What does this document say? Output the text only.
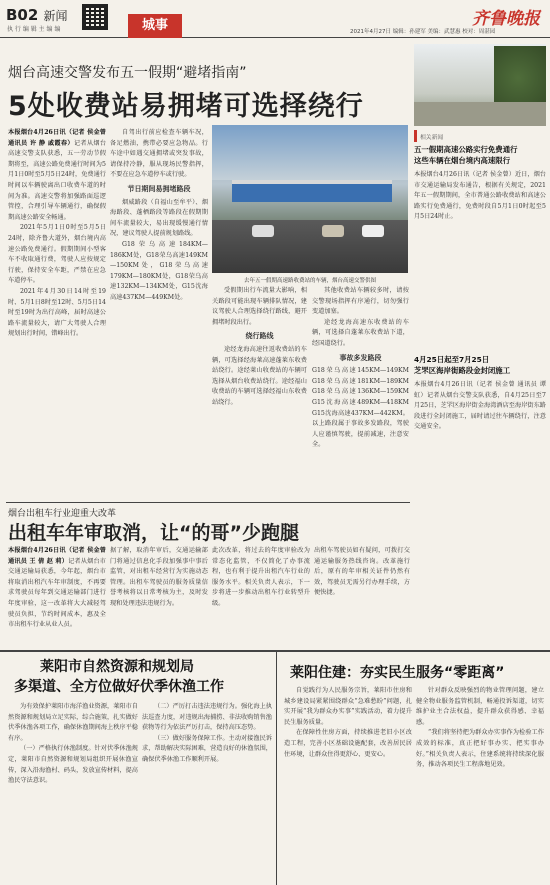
B02 新闻
执 行 编 辑 主 编 编	城事	齐鲁晚报
2021年4月27日 编辑：孙建军 美编：武慧惠 校对：周湛园
烟台高速交警发布五一假期“避堵指南”
5处收费站易拥堵可选择绕行

本报烟台4月26日讯（记者 侯金曾 通讯员 许 静 戚霞春）记者从烟台高速交警支队获悉，五一劳动节假期将至，高速公路免费通行时间为5月1日0时至5月5日24时，免费通行时间以车辆驶离出口收费车道的时间为准。高速交警将加强路面巡逻管控，合理引导车辆通行，确保假期高速公路安全畅通。

2021年5月1日0时至5月5日24时，除齐鲁大道外，烟台境内高速公路免费通行。假期期间小型客车不收取通行费，驾驶人应按规定行驶，保持安全车距，严禁在应急车道停车。

2021年4月30日14时至19时、5月1日8时至12时、5月5日14时至19时为出行高峰，届时高速公路车流量较大，请广大驾驶人合理规划出行时间，错峰出行。

自驾出行前应检查车辆车况，备足燃油，携带必要应急物品。行车途中如遇交通拥堵或突发事故，请保持冷静，服从现场民警指挥，不要在应急车道停车或行驶。

节日期间易拥堵路段

烟威路段（自福山至牟平）、烟海路段、蓬栖路段等路段在假期期间车流量较大，易出现缓慢通行情况，建议驾驶人提前规划路线。

G18荣乌高速184KM—186KM处，G18荣乌高速149KM—150KM处，G18荣乌高速179KM—180KM处，G18荣乌高速132KM—134KM处，G15沈海高速437KM—449KM处。

去年五一假期高速路收费站的车辆，烟台高速交警供图

受假期出行车流量大影响，相关路段可能出现车辆排队情况，建议驾驶人合理选择绕行路线，避开拥堵时段出行。

绕行路线

途经龙海高速往返收费站的车辆，可选择经海莱高速蓬莱东收费站绕行。途经莱山收费站的车辆可选择从烟台收费站绕行。途经福山收费站的车辆可选择经福山东收费站绕行。

其他收费站车辆较多时，请按交警现场指挥有序通行，切勿强行变道加塞。

途经龙海高速东收费站的车辆，可选择自蓬莱东收费站下道，经国道绕行。

事故多发路段

G18荣乌高速145KM—149KM G18荣乌高速181KM—189KM G18荣乌高速136KM—159KM G15沈海高速489KM—418KM G15沈海高速437KM—442KM。以上路段属于事故多发路段，驾驶人应谨慎驾驶，提前减速，注意安全。

相关新闻
五一假期高速公路实行免费通行
这些车辆在烟台境内高速限行
本报烟台4月26日讯（记者 侯金曾）近日，烟台市交通运输局发布通告，根据有关规定，2021年五一假期期间，全市普通公路收费站和高速公路实行免费通行，免费时段自5月1日0时起至5月5日24时止。
4月25日起至7月25日
芝罘区海岸街路段金封闭施工
本报烟台4月26日讯（记者 侯金曾 通讯员 谭虹）记者从烟台交警支队获悉，自4月25日至7月25日，芝罘区海岸街金海湾酒店至海岸街东路段进行全封闭施工，届时请过往车辆绕行，注意交通安全。
烟台出租车行业迎重大改革
出租车年审取消，让“的哥”少跑腿

本报烟台4月26日讯（记者 侯金曾 通讯员 王 倩 赵 莉）记者从烟台市交通运输局获悉，今年起，烟台市将取消出租汽车年审制度，不再要求驾驶员每年到交通运输部门进行年度审验，这一改革将大大减轻驾驶员负担，节约时间成本，惠及全市出租车行业从业人员。

据了解，取消年审后，交通运输部门将通过信息化手段加强事中事后监管，对出租车经营行为实施动态管理。出租车驾驶员的服务质量信誉考核将以日常考核为主，及时发现和处理违法违规行为。
此次改革，将过去的年度审验改为常态化监管，不仅简化了办事流程，也有利于提升出租汽车行业的服务水平。相关负责人表示，下一步将进一步推动出租车行业转型升级。
出租车驾驶员如有疑问，可拨打交通运输服务热线咨询。改革施行后，原有的年审相关证件仍然有效，驾驶员无需另行办理手续，方便快捷。
莱阳市自然资源和规划局
多渠道、全方位做好伏季休渔工作

为有效保护莱阳市海洋渔业资源，莱阳市自然资源和规划局立足实际，综合施策，扎实做好伏季休渔各项工作，确保休渔期间海上秩序平稳有序。

（一）严格执行休渔制度。针对伏季休渔规定，莱阳市自然资源和规划局组织开展休渔宣传，深入沿海渔村、码头，发放宣传材料，提高渔民守法意识。

（二）严厉打击违法违规行为。强化海上执法巡查力度，对违规出海捕捞、非法收购销售渔获物等行为依法严厉打击，保持高压态势。

（三）做好服务保障工作。主动对接渔民诉求，帮助解决实际困难，营造良好的休渔氛围，确保伏季休渔工作顺利开展。

莱阳住建：夯实民生服务“零距离”

自觉践行为人民服务宗旨，莱阳市住房和城乡建设局紧紧围绕群众“急难愁盼”问题，扎实开展“我为群众办实事”实践活动，着力提升民生服务质量。

在保障性住房方面，持续推进老旧小区改造工程，完善小区基础设施配套，改善居民居住环境，让群众住得更舒心、更安心。

针对群众反映强烈的物业管理问题，建立健全物业服务监管机制，畅通投诉渠道，切实维护业主合法权益，提升群众获得感、幸福感。

“我们将坚持把为群众办实事作为检验工作成效的标准，真正把好事办实、把实事办好。”相关负责人表示，住建系统将持续深化服务，推动各项民生工程落地见效。
